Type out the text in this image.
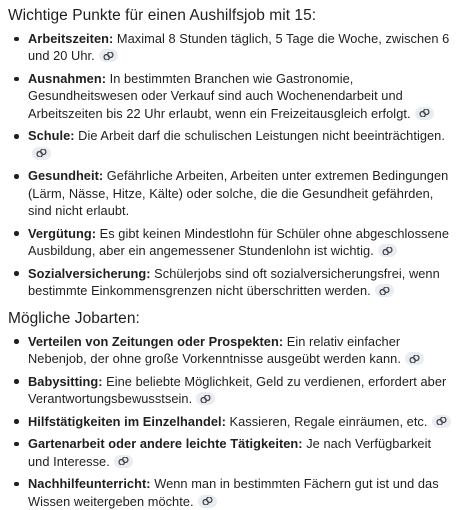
Wichtige Punkte für einen Aushilfsjob mit 15:
Arbeitszeiten: Maximal 8 Stunden täglich, 5 Tage die Woche, zwischen 6 und 20 Uhr.
Ausnahmen: In bestimmten Branchen wie Gastronomie, Gesundheitswesen oder Verkauf sind auch Wochenendarbeit und Arbeitszeiten bis 22 Uhr erlaubt, wenn ein Freizeitausgleich erfolgt.
Schule: Die Arbeit darf die schulischen Leistungen nicht beeinträchtigen.
Gesundheit: Gefährliche Arbeiten, Arbeiten unter extremen Bedingungen (Lärm, Nässe, Hitze, Kälte) oder solche, die die Gesundheit gefährden, sind nicht erlaubt.
Vergütung: Es gibt keinen Mindestlohn für Schüler ohne abgeschlossene Ausbildung, aber ein angemessener Stundenlohn ist wichtig.
Sozialversicherung: Schülerjobs sind oft sozialversicherungsfrei, wenn bestimmte Einkommensgrenzen nicht überschritten werden.
Mögliche Jobarten:
Verteilen von Zeitungen oder Prospekten: Ein relativ einfacher Nebenjob, der ohne große Vorkenntnisse ausgeübt werden kann.
Babysitting: Eine beliebte Möglichkeit, Geld zu verdienen, erfordert aber Verantwortungsbewusstsein.
Hilfstätigkeiten im Einzelhandel: Kassieren, Regale einräumen, etc.
Gartenarbeit oder andere leichte Tätigkeiten: Je nach Verfügbarkeit und Interesse.
Nachhilfeunterricht: Wenn man in bestimmten Fächern gut ist und das Wissen weitergeben möchte.
